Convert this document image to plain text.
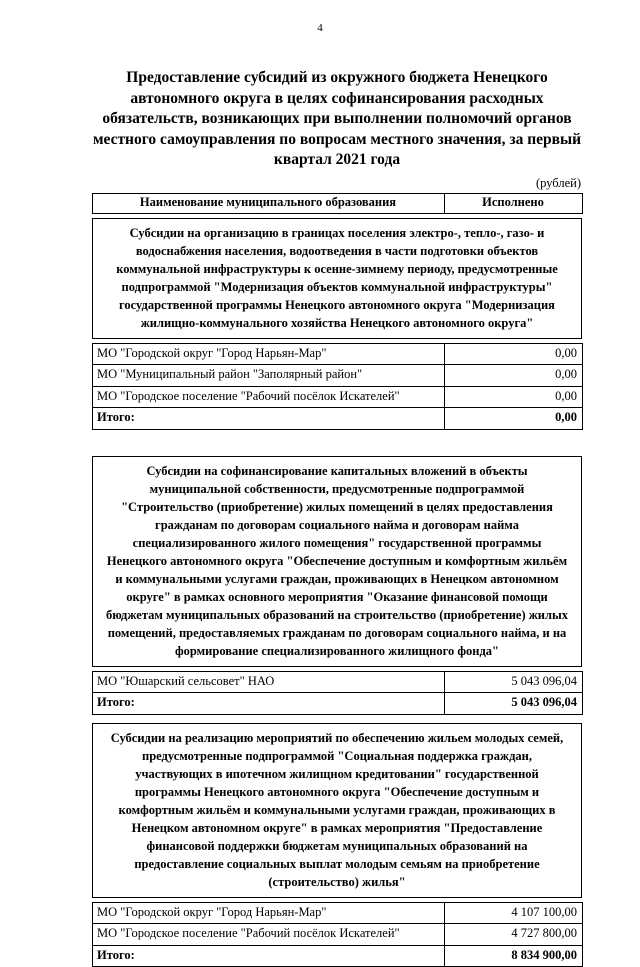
4
Предоставление субсидий из окружного бюджета Ненецкого автономного округа в целях софинансирования расходных обязательств, возникающих при выполнении полномочий органов местного самоуправления по вопросам местного значения, за первый квартал 2021 года
(рублей)
Наименование муниципального образования	Исполнено
Субсидии на организацию в границах поселения электро-, тепло-, газо- и водоснабжения населения, водоотведения в части подготовки объектов коммунальной инфраструктуры к осенне-зимнему периоду, предусмотренные подпрограммой "Модернизация объектов коммунальной инфраструктуры" государственной программы Ненецкого автономного округа "Модернизация жилищно-коммунального хозяйства Ненецкого автономного округа"
МО "Городской округ "Город Нарьян-Мар"	0,00
МО "Муниципальный район "Заполярный район"	0,00
МО "Городское поселение "Рабочий посёлок Искателей"	0,00
Итого:	0,00
Субсидии на софинансирование капитальных вложений в объекты муниципальной собственности, предусмотренные подпрограммой "Строительство (приобретение) жилых помещений в целях предоставления гражданам по договорам социального найма и договорам найма специализированного жилого помещения" государственной программы Ненецкого автономного округа "Обеспечение доступным и комфортным жильём и коммунальными услугами граждан, проживающих в Ненецком автономном округе" в рамках основного мероприятия "Оказание финансовой помощи бюджетам муниципальных образований на строительство (приобретение) жилых помещений, предоставляемых гражданам по договорам социального найма, и на формирование специализированного жилищного фонда"
МО "Юшарский сельсовет" НАО	5 043 096,04
Итого:	5 043 096,04
Субсидии на реализацию мероприятий по обеспечению жильем молодых семей, предусмотренные подпрограммой "Социальная поддержка граждан, участвующих в ипотечном жилищном кредитовании" государственной программы Ненецкого автономного округа "Обеспечение доступным и комфортным жильём и коммунальными услугами граждан, проживающих в Ненецком автономном округе" в рамках мероприятия "Предоставление финансовой поддержки бюджетам муниципальных образований на предоставление социальных выплат молодым семьям на приобретение (строительство) жилья"
МО "Городской округ "Город Нарьян-Мар"	4 107 100,00
МО "Городское поселение "Рабочий посёлок Искателей"	4 727 800,00
Итого:	8 834 900,00
